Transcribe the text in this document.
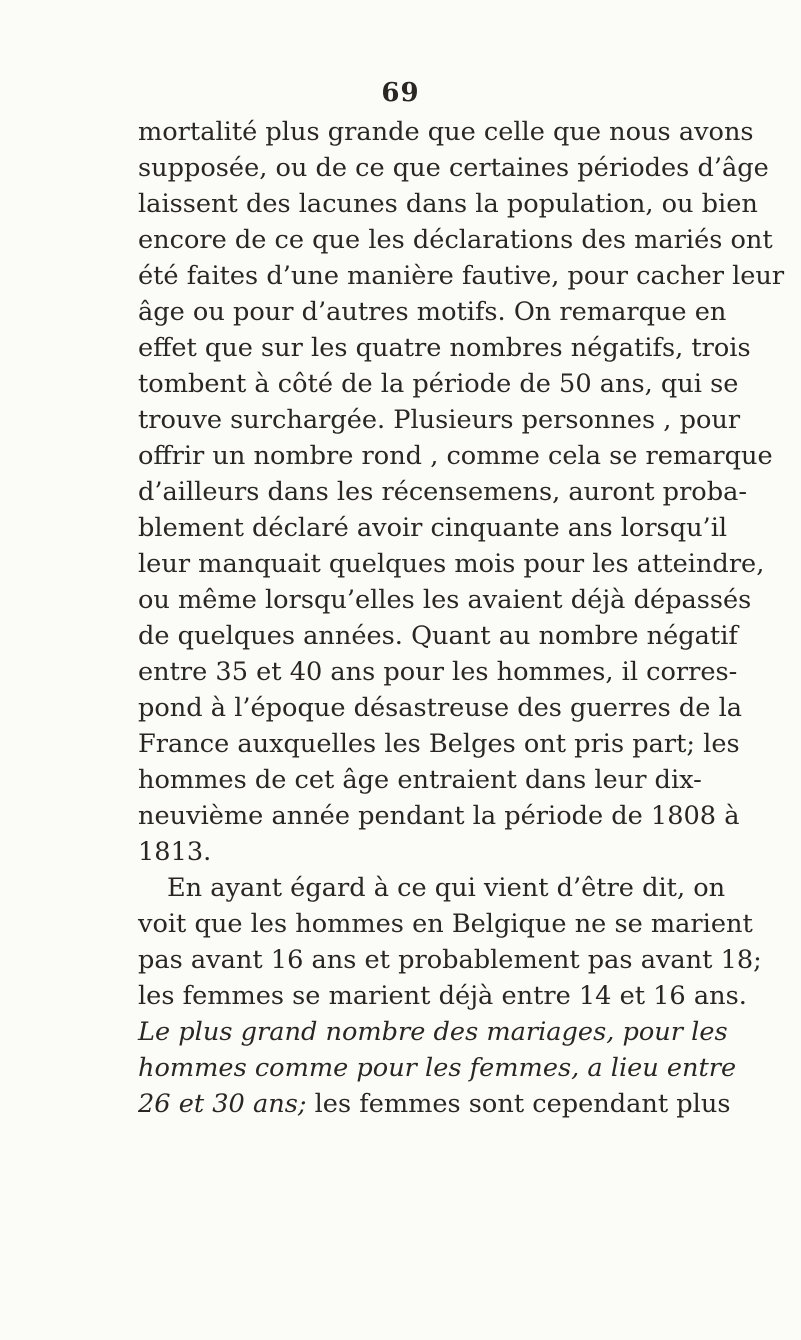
69
mortalité plus grande que celle que nous avons
supposée, ou de ce que certaines périodes d’âge
laissent des lacunes dans la population, ou bien
encore de ce que les déclarations des mariés ont
été faites d’une manière fautive, pour cacher leur
âge ou pour d’autres motifs. On remarque en
effet que sur les quatre nombres négatifs, trois
tombent à côté de la période de 50 ans, qui se
trouve surchargée. Plusieurs personnes , pour
offrir un nombre rond , comme cela se remarque
d’ailleurs dans les récensemens, auront proba-
blement déclaré avoir cinquante ans lorsqu’il
leur manquait quelques mois pour les atteindre,
ou même lorsqu’elles les avaient déjà dépassés
de quelques années. Quant au nombre négatif
entre 35 et 40 ans pour les hommes, il corres-
pond à l’époque désastreuse des guerres de la
France auxquelles les Belges ont pris part; les
hommes de cet âge entraient dans leur dix-
neuvième année pendant la période de 1808 à
1813.
En ayant égard à ce qui vient d’être dit, on
voit que les hommes en Belgique ne se marient
pas avant 16 ans et probablement pas avant 18;
les femmes se marient déjà entre 14 et 16 ans.
Le plus grand nombre des mariages, pour les
hommes comme pour les femmes, a lieu entre
26 et 30 ans; les femmes sont cependant plus
